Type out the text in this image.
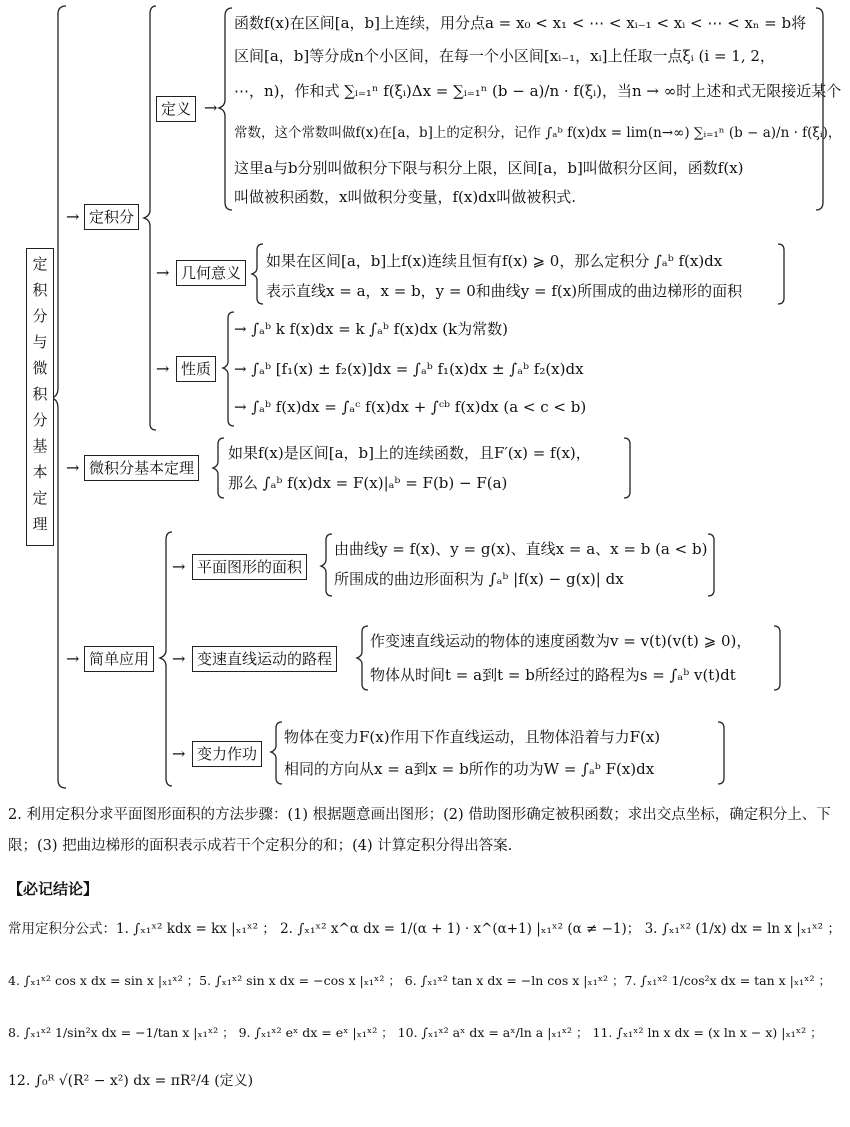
定
积
分
与
微
积
分
基
本
定
理
→ 定积分
定义 →
函数f(x)在区间[a，b]上连续，用分点a = x₀ < x₁ < ⋯ < xᵢ₋₁ < xᵢ < ⋯ < xₙ = b将
区间[a，b]等分成n个小区间，在每一个小区间[xᵢ₋₁，xᵢ]上任取一点ξᵢ (i = 1, 2，
⋯，n)，作和式 ∑ᵢ₌₁ⁿ f(ξᵢ)Δx = ∑ᵢ₌₁ⁿ (b − a)/n · f(ξᵢ)，当n → ∞时上述和式无限接近某个
常数，这个常数叫做f(x)在[a，b]上的定积分，记作 ∫ₐᵇ f(x)dx = lim(n→∞) ∑ᵢ₌₁ⁿ (b − a)/n · f(ξᵢ)，
这里a与b分别叫做积分下限与积分上限，区间[a，b]叫做积分区间，函数f(x)
叫做被积函数，x叫做积分变量，f(x)dx叫做被积式.
→ 几何意义
如果在区间[a，b]上f(x)连续且恒有f(x) ⩾ 0，那么定积分 ∫ₐᵇ f(x)dx
表示直线x = a，x = b，y = 0和曲线y = f(x)所围成的曲边梯形的面积
→ 性质
→ ∫ₐᵇ k f(x)dx = k ∫ₐᵇ f(x)dx (k为常数)
→ ∫ₐᵇ [f₁(x) ± f₂(x)]dx = ∫ₐᵇ f₁(x)dx ± ∫ₐᵇ f₂(x)dx
→ ∫ₐᵇ f(x)dx = ∫ₐᶜ f(x)dx + ∫ᶜᵇ f(x)dx (a < c < b)
→ 微积分基本定理
如果f(x)是区间[a，b]上的连续函数，且F′(x) = f(x)，
那么 ∫ₐᵇ f(x)dx = F(x)|ₐᵇ = F(b) − F(a)
→ 简单应用
→ 平面图形的面积
由曲线y = f(x)、y = g(x)、直线x = a、x = b (a < b)
所围成的曲边形面积为 ∫ₐᵇ |f(x) − g(x)| dx
→ 变速直线运动的路程
作变速直线运动的物体的速度函数为v = v(t)(v(t) ⩾ 0)，
物体从时间t = a到t = b所经过的路程为s = ∫ₐᵇ v(t)dt
→ 变力作功
物体在变力F(x)作用下作直线运动，且物体沿着与力F(x)
相同的方向从x = a到x = b所作的功为W = ∫ₐᵇ F(x)dx
2. 利用定积分求平面图形面积的方法步骤：(1) 根据题意画出图形；(2) 借助图形确定被积函数；求出交点坐标，确定积分上、下限；(3) 把曲边梯形的面积表示成若干个定积分的和；(4) 计算定积分得出答案.
【必记结论】
常用定积分公式：1. ∫ₓ₁ˣ² kdx = kx |ₓ₁ˣ² ； 2. ∫ₓ₁ˣ² x^α dx = 1/(α + 1) · x^(α+1) |ₓ₁ˣ² (α ≠ −1)； 3. ∫ₓ₁ˣ² (1/x) dx = ln x |ₓ₁ˣ² ；
4. ∫ₓ₁ˣ² cos x dx = sin x |ₓ₁ˣ² ；5. ∫ₓ₁ˣ² sin x dx = −cos x |ₓ₁ˣ² ； 6. ∫ₓ₁ˣ² tan x dx = −ln cos x |ₓ₁ˣ² ；7. ∫ₓ₁ˣ² 1/cos²x dx = tan x |ₓ₁ˣ² ；
8. ∫ₓ₁ˣ² 1/sin²x dx = −1/tan x |ₓ₁ˣ² ； 9. ∫ₓ₁ˣ² eˣ dx = eˣ |ₓ₁ˣ² ； 10. ∫ₓ₁ˣ² aˣ dx = aˣ/ln a |ₓ₁ˣ² ； 11. ∫ₓ₁ˣ² ln x dx = (x ln x − x) |ₓ₁ˣ² ；
12. ∫₀ᴿ √(R² − x²) dx = πR²/4 (定义)
